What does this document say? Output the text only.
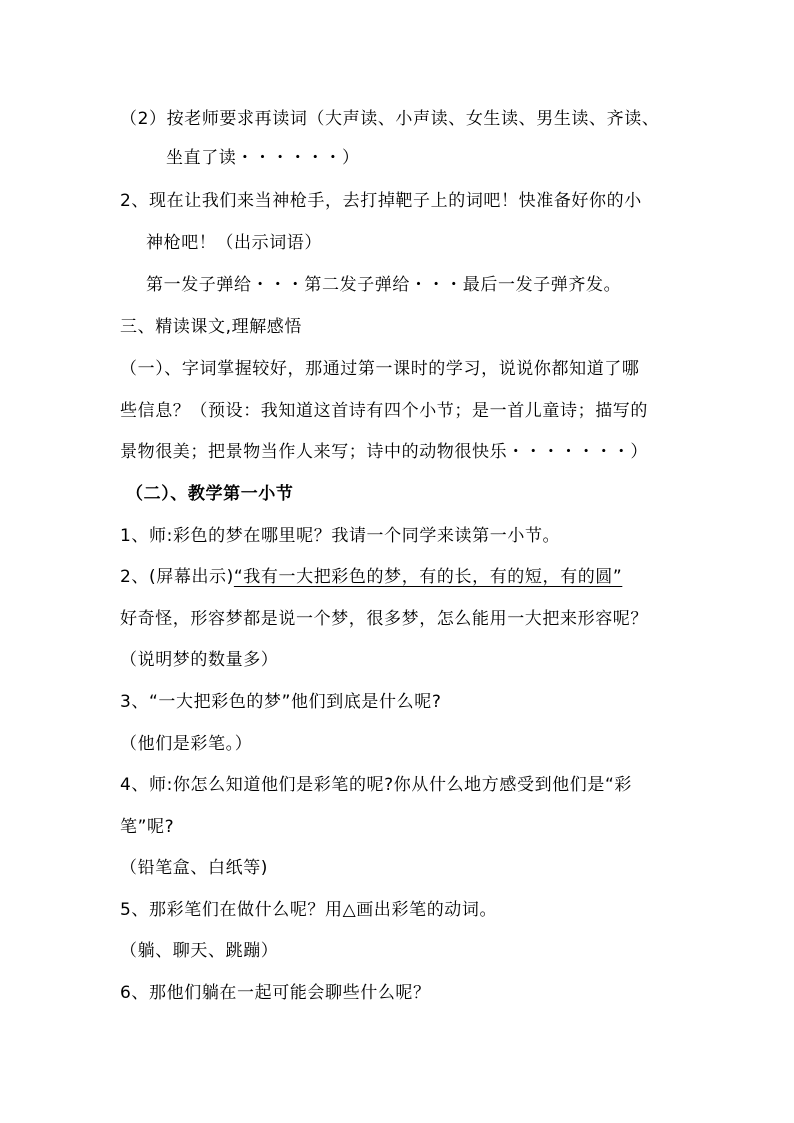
（2）按老师要求再读词（大声读、小声读、女生读、男生读、齐读、
坐直了读・・・・・・）
2、现在让我们来当神枪手，去打掉靶子上的词吧！快准备好你的小
神枪吧！（出示词语）
第一发子弹给・・・第二发子弹给・・・最后一发子弹齐发。
三、精读课文,理解感悟
（一）、字词掌握较好，那通过第一课时的学习，说说你都知道了哪
些信息？（预设：我知道这首诗有四个小节；是一首儿童诗；描写的
景物很美；把景物当作人来写；诗中的动物很快乐・・・・・・・）
（二）、教学第一小节
1、师:彩色的梦在哪里呢？我请一个同学来读第一小节。
2、(屏幕出示)“我有一大把彩色的梦，有的长，有的短，有的圆”
好奇怪，形容梦都是说一个梦，很多梦，怎么能用一大把来形容呢？
（说明梦的数量多）
3、“一大把彩色的梦”他们到底是什么呢?
（他们是彩笔。）
4、师:你怎么知道他们是彩笔的呢?你从什么地方感受到他们是“彩
笔”呢?
（铅笔盒、白纸等)
5、那彩笔们在做什么呢？用△画出彩笔的动词。
（躺、聊天、跳蹦）
6、那他们躺在一起可能会聊些什么呢？
